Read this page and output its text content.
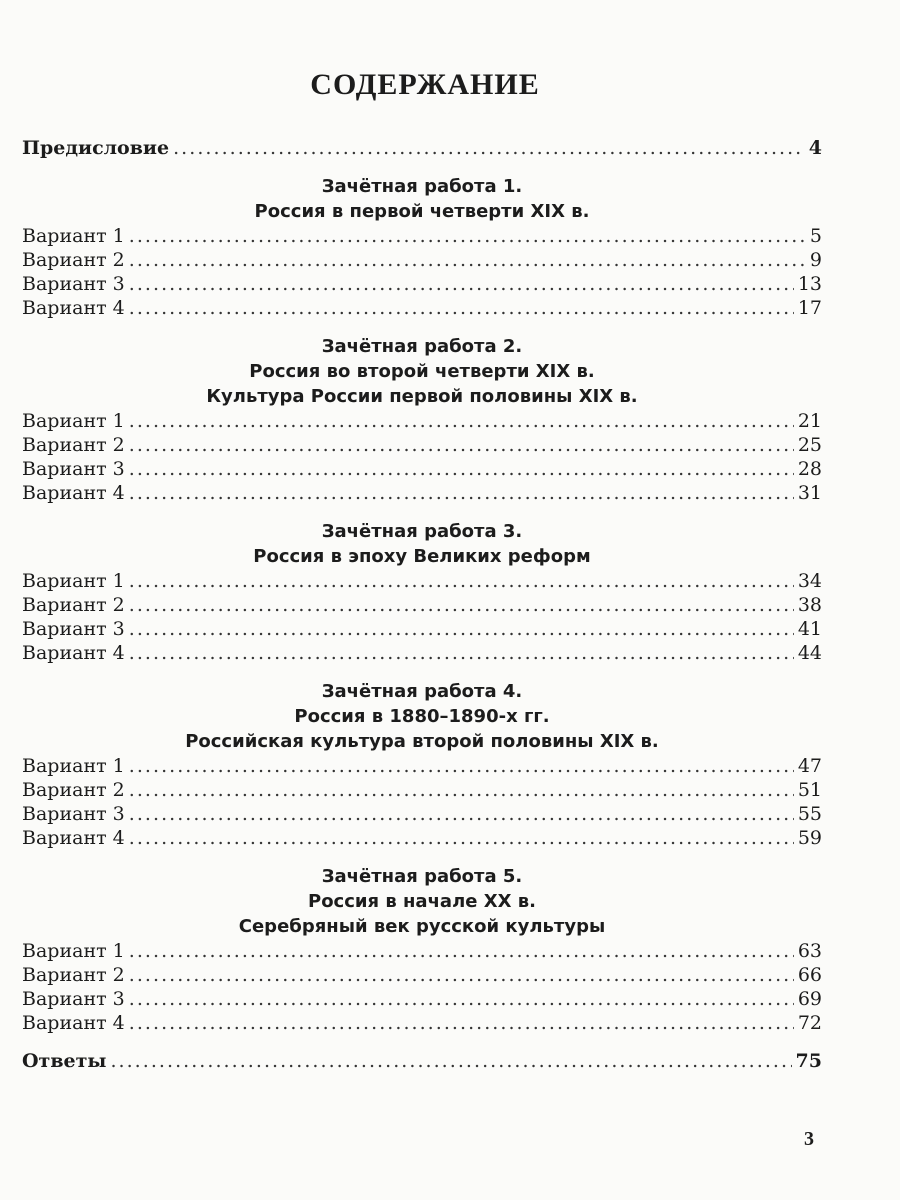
СОДЕРЖАНИЕ
Предисловие . . .	4
Зачётная работа 1.
Россия в первой четверти XIX в.
Вариант 1 . . .	5
Вариант 2 . . .	9
Вариант 3 . . .	13
Вариант 4 . . .	17
Зачётная работа 2.
Россия во второй четверти XIX в.
Культура России первой половины XIX в.
Вариант 1 . . .	21
Вариант 2 . . .	25
Вариант 3 . . .	28
Вариант 4 . . .	31
Зачётная работа 3.
Россия в эпоху Великих реформ
Вариант 1 . . .	34
Вариант 2 . . .	38
Вариант 3 . . .	41
Вариант 4 . . .	44
Зачётная работа 4.
Россия в 1880–1890-х гг.
Российская культура второй половины XIX в.
Вариант 1 . . .	47
Вариант 2 . . .	51
Вариант 3 . . .	55
Вариант 4 . . .	59
Зачётная работа 5.
Россия в начале XX в.
Серебряный век русской культуры
Вариант 1 . . .	63
Вариант 2 . . .	66
Вариант 3 . . .	69
Вариант 4 . . .	72
Ответы . . .	75
3
